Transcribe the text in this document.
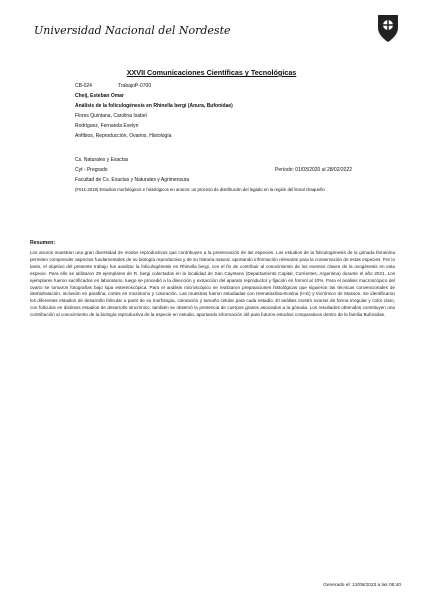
Universidad Nacional del Nordeste
XXVII Comunicaciones Científicas y Tecnológicas
CB-024	Trabajo:
P-0700
Cheij, Esteban Omar
Análisis de la foliculogénesis en Rhinella bergi (Anura, Bufonidae)
Flores Quintana, Carolina Isabel
Rodriguez, Fernanda Evelyn
Anfibios, Reproducción, Ovarios, Histología
Cs. Naturales y Exactas
Cyt - Pregrado	Período: 01/03/2020 al 28/02/2022
Facultad de Cs. Exactas y Naturales y Agrimensura
(F011-2018) Estudios morfológicos e histológicos en anuros: un proceso de distribución del legado en la región del litoral chaqueño
Resumen:
Los anuros muestran una gran diversidad de modos reproductivos que contribuyen a la preservación de las especies. Los estudios de la foliculogénesis de la gónada femenina permiten comprender aspectos fundamentales de su biología reproductiva y de su historia natural, aportando información relevante para la conservación de estas especies. Por lo tanto, el objetivo del presente trabajo fue analizar la foliculogénesis en Rhinella bergi, con el fin de contribuir al conocimiento de los eventos claves de la ovogénesis en esta especie. Para ello se utilizaron 29 ejemplares de R. bergi colectados en la localidad de San Cayetano (Departamento Capital, Corrientes, Argentina) durante el año 2021. Los ejemplares fueron sacrificados en laboratorio, luego se procedió a la disección y extracción del aparato reproductor y fijación en formol al 10%. Para el análisis macroscópico del ovario se tomaron fotografías bajo lupa estereoscópica. Para el análisis microscópico se realizaron preparaciones histológicas que siguieron las técnicas convencionales de deshidratación, inclusión en parafina, cortes en micrótomo y coloración. Las muestras fueron estudiadas con Hematoxilina-Eosina (H-E) y tricrómico de Masson. Se identificaron los diferentes estadios de desarrollo folicular a partir de su morfología, coloración y tamaño celular para cada estadio. El análisis mostró ovarios de forma irregular y color claro, con folículos en distintos estadios de desarrollo sincrónico; también se observó la presencia de cuerpos grasos asociados a la gónada. Los resultados obtenidos constituyen una contribución al conocimiento de la biología reproductiva de la especie en estudio, aportando información útil para futuros estudios comparativos dentro de la familia Bufonidae.
Generado el: 13/09/2023 a las 08:40
